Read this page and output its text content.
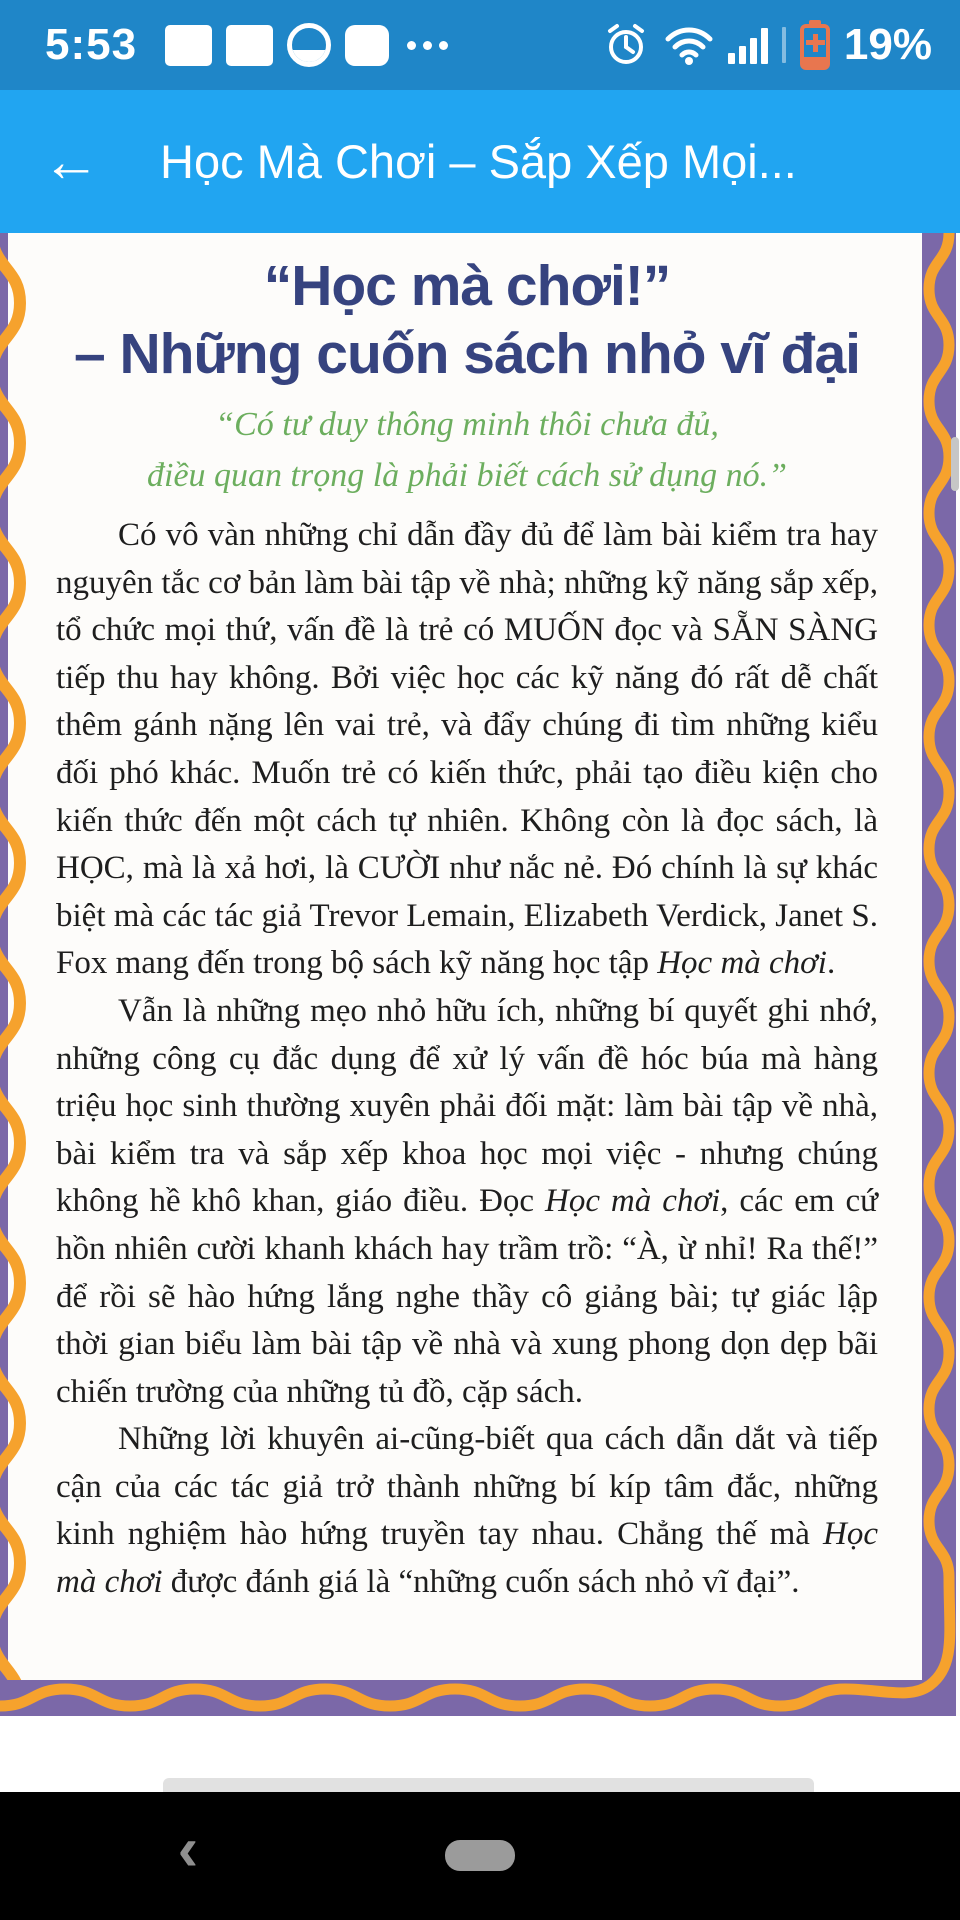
5:53	19%
← Học Mà Chơi – Sắp Xếp Mọi...
“Học mà chơi!”
– Những cuốn sách nhỏ vĩ đại
“Có tư duy thông minh thôi chưa đủ,
điều quan trọng là phải biết cách sử dụng nó.”

Có vô vàn những chỉ dẫn đầy đủ để làm bài kiểm tra hay nguyên tắc cơ bản làm bài tập về nhà; những kỹ năng sắp xếp, tổ chức mọi thứ, vấn đề là trẻ có MUỐN đọc và SẴN SÀNG tiếp thu hay không. Bởi việc học các kỹ năng đó rất dễ chất thêm gánh nặng lên vai trẻ, và đẩy chúng đi tìm những kiểu đối phó khác. Muốn trẻ có kiến thức, phải tạo điều kiện cho kiến thức đến một cách tự nhiên. Không còn là đọc sách, là HỌC, mà là xả hơi, là CƯỜI như nắc nẻ. Đó chính là sự khác biệt mà các tác giả Trevor Lemain, Elizabeth Verdick, Janet S. Fox mang đến trong bộ sách kỹ năng học tập Học mà chơi.

Vẫn là những mẹo nhỏ hữu ích, những bí quyết ghi nhớ, những công cụ đắc dụng để xử lý vấn đề hóc búa mà hàng triệu học sinh thường xuyên phải đối mặt: làm bài tập về nhà, bài kiểm tra và sắp xếp khoa học mọi việc - nhưng chúng không hề khô khan, giáo điều. Đọc Học mà chơi, các em cứ hồn nhiên cười khanh khách hay trầm trồ: “À, ừ nhỉ! Ra thế!” để rồi sẽ hào hứng lắng nghe thầy cô giảng bài; tự giác lập thời gian biểu làm bài tập về nhà và xung phong dọn dẹp bãi chiến trường của những tủ đồ, cặp sách.

Những lời khuyên ai-cũng-biết qua cách dẫn dắt và tiếp cận của các tác giả trở thành những bí kíp tâm đắc, những kinh nghiệm hào hứng truyền tay nhau. Chẳng thế mà Học mà chơi được đánh giá là “những cuốn sách nhỏ vĩ đại”.

‹
